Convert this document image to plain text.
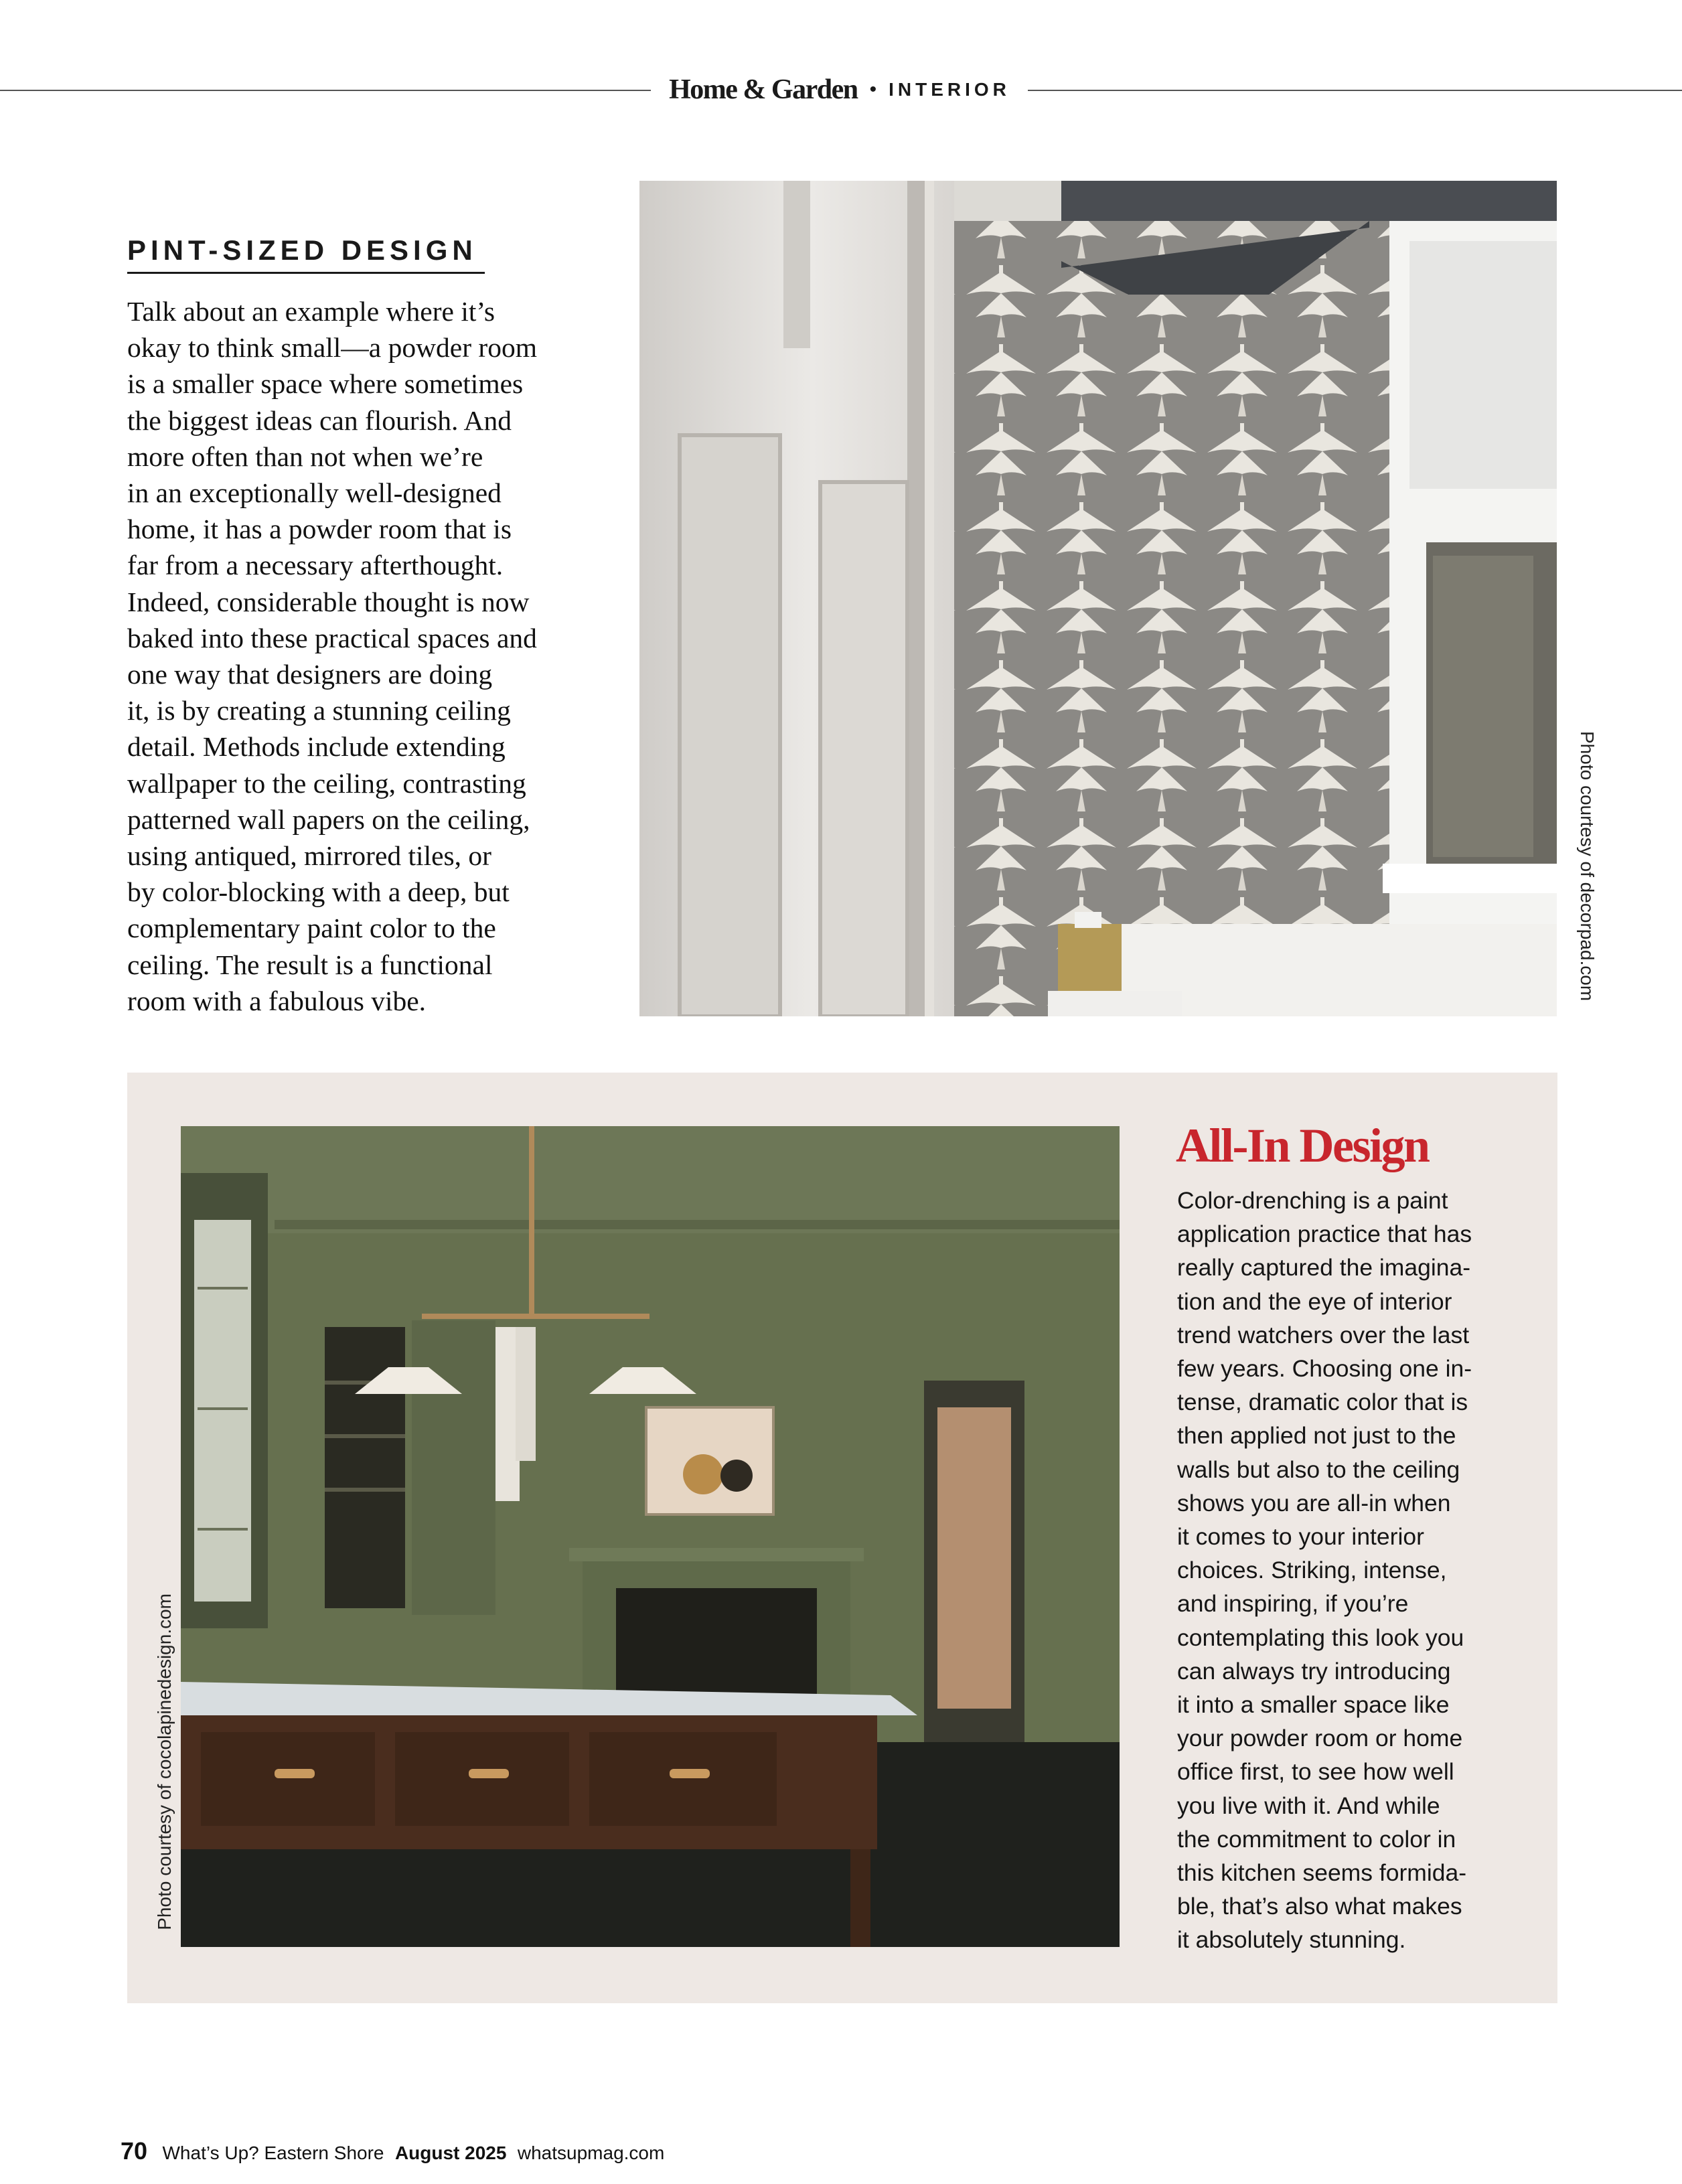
Home & Garden • INTERIOR
PINT-SIZED DESIGN
Talk about an example where it’s
okay to think small—a powder room
is a smaller space where sometimes
the biggest ideas can flourish. And
more often than not when we’re
in an exceptionally well-designed
home, it has a powder room that is
far from a necessary afterthought.
Indeed, considerable thought is now
baked into these practical spaces and
one way that designers are doing
it, is by creating a stunning ceiling
detail. Methods include extending
wallpaper to the ceiling, contrasting
patterned wall papers on the ceiling,
using antiqued, mirrored tiles, or
by color-blocking with a deep, but
complementary paint color to the
ceiling. The result is a functional
room with a fabulous vibe.	Photo courtesy of decorpad.com
Photo courtesy of cocolapinedesign.com
All-In Design
Color-drenching is a paint
application practice that has
really captured the imagina-
tion and the eye of interior
trend watchers over the last
few years. Choosing one in-
tense, dramatic color that is
then applied not just to the
walls but also to the ceiling
shows you are all-in when
it comes to your interior
choices. Striking, intense,
and inspiring, if you’re
contemplating this look you
can always try introducing
it into a smaller space like
your powder room or home
office first, to see how well
you live with it. And while
the commitment to color in
this kitchen seems formida-
ble, that’s also what makes
it absolutely stunning.
70 What’s Up? Eastern Shore August 2025 whatsupmag.com
